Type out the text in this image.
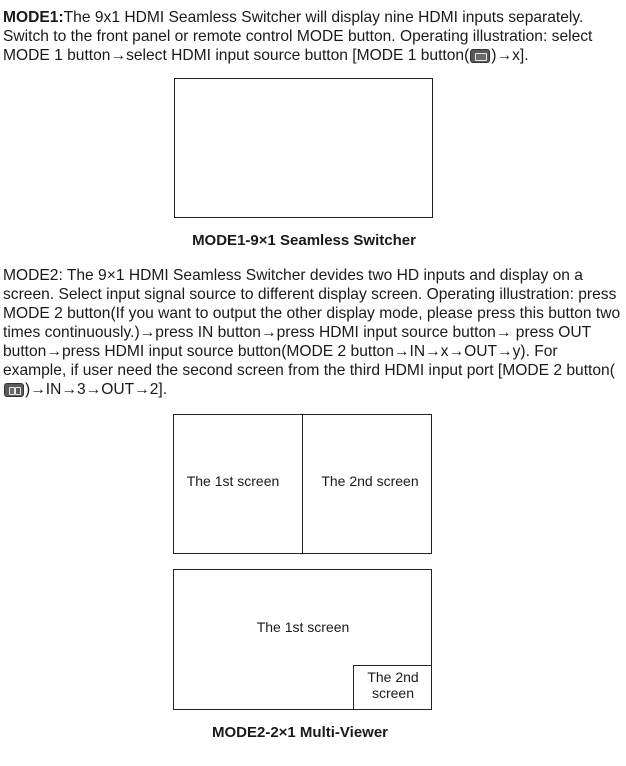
MODE1:The 9x1 HDMI Seamless Switcher will display nine HDMI inputs separately. Switch to the front panel or remote control MODE button. Operating illustration: select MODE 1 button→select HDMI input source button [MODE 1 button( )→x].

MODE1-9×1 Seamless Switcher

MODE2: The 9×1 HDMI Seamless Switcher devides two HD inputs and display on a screen. Select input signal source to different display screen. Operating illustration: press MODE 2 button(If you want to output the other display mode, please press this button two times continuously.)→press IN button→press HDMI input source button→ press OUT button→press HDMI input source button(MODE 2 button→IN→x→OUT→y). For example, if user need the second screen from the third HDMI input port [MODE 2 button()→IN→3→OUT→2].

The 1st screen	The 2nd screen
The 1st screen
The 2nd
screen
MODE2-2×1 Multi-Viewer
